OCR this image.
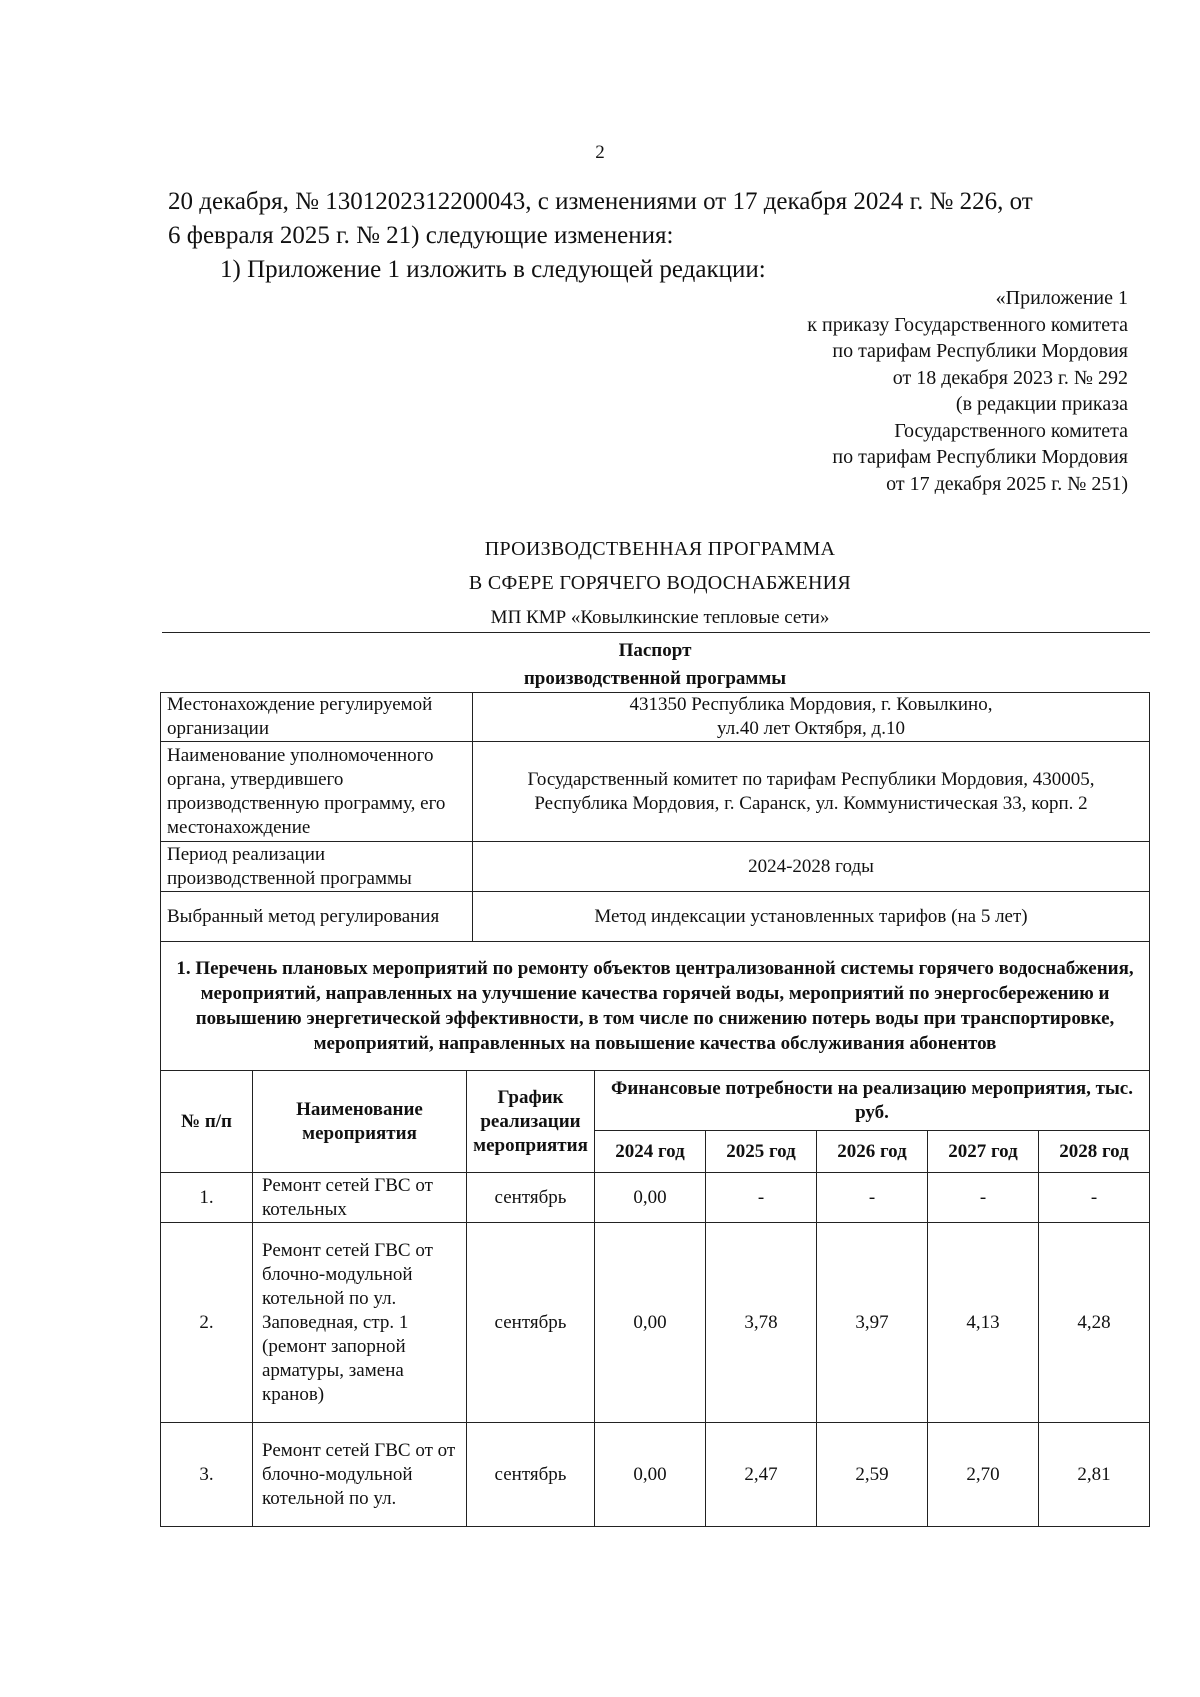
2
20 декабря, № 1301202312200043, с изменениями от 17 декабря 2024 г. № 226, от
6 февраля 2025 г. № 21) следующие изменения:
1) Приложение 1 изложить в следующей редакции:
«Приложение 1
к приказу Государственного комитета
по тарифам Республики Мордовия
от 18 декабря 2023 г. № 292
(в редакции приказа
Государственного комитета
по тарифам Республики Мордовия
от 17 декабря 2025 г. № 251)
ПРОИЗВОДСТВЕННАЯ ПРОГРАММА
В СФЕРЕ ГОРЯЧЕГО ВОДОСНАБЖЕНИЯ
МП КМР «Ковылкинские тепловые сети»
Паспорт
производственной программы
Местонахождение регулируемой организации	431350 Республика Мордовия, г. Ковылкино,
ул.40 лет Октября, д.10

Наименование уполномоченного органа, утвердившего производственную программу, его местонахождение	Государственный комитет по тарифам Республики Мордовия, 430005,
Республика Мордовия, г. Саранск, ул. Коммунистическая 33, корп. 2

Период реализации производственной программы	2024-2028 годы
Выбранный метод регулирования	Метод индексации установленных тарифов (на 5 лет)
1. Перечень плановых мероприятий по ремонту объектов централизованной системы горячего водоснабжения, мероприятий, направленных на улучшение качества горячей воды, мероприятий по энергосбережению и повышению энергетической эффективности, в том числе по снижению потерь воды при транспортировке, мероприятий, направленных на повышение качества обслуживания абонентов	
№ п/п	Наименование мероприятия	График реализации мероприятия	Финансовые потребности на реализацию мероприятия, тыс. руб.				
			2024 год	2025 год	2026 год	2027 год	2028 год
1.	Ремонт сетей ГВС от котельных	сентябрь	0,00	-	-	-	-
2.	Ремонт сетей ГВС от блочно-модульной котельной по ул. Заповедная, стр. 1 (ремонт запорной арматуры, замена кранов)	сентябрь	0,00	3,78	3,97	4,13	4,28
3.	Ремонт сетей ГВС от от блочно-модульной котельной по ул.	сентябрь	0,00	2,47	2,59	2,70	2,81
